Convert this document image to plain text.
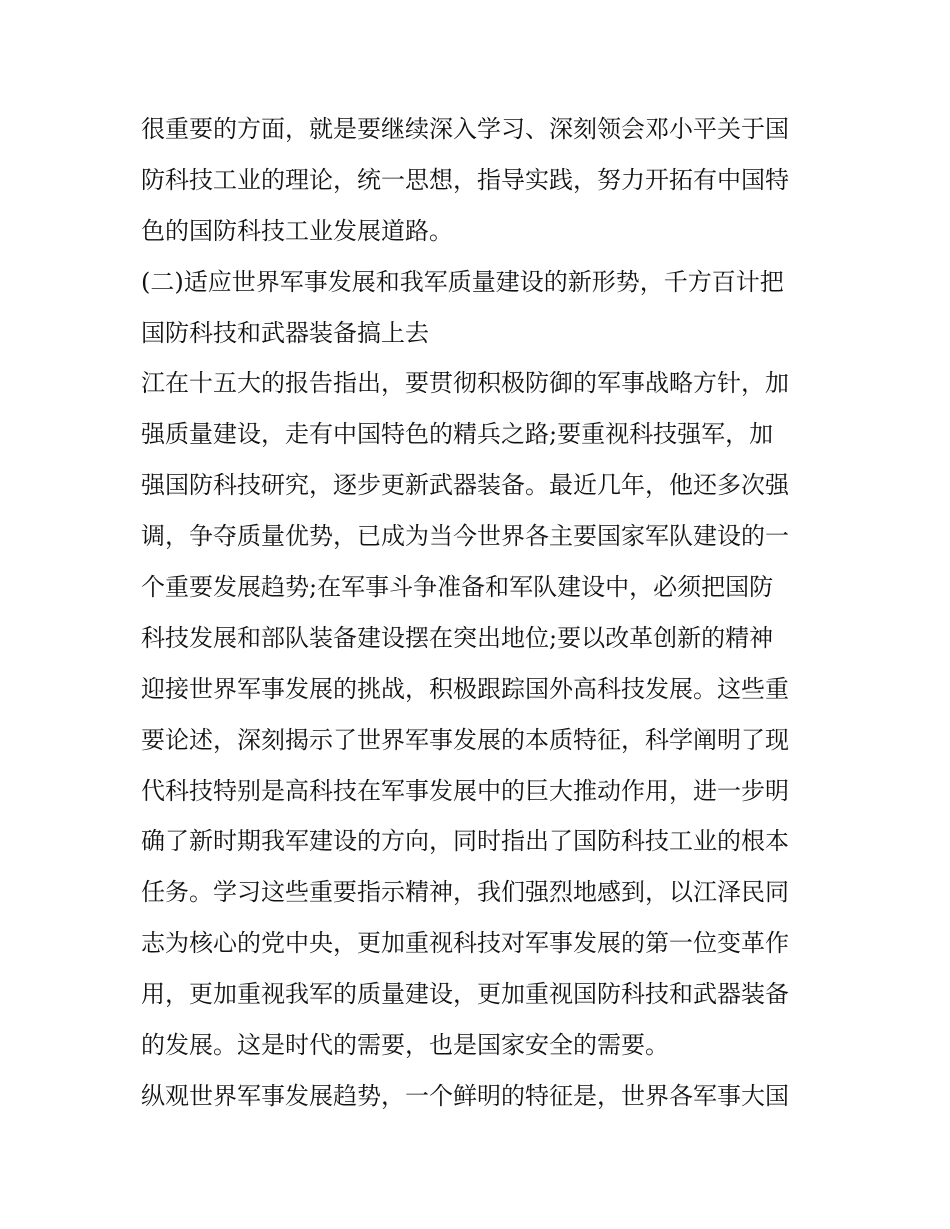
很重要的方面，就是要继续深入学习、深刻领会邓小平关于国
防科技工业的理论，统一思想，指导实践，努力开拓有中国特
色的国防科技工业发展道路。
(二)适应世界军事发展和我军质量建设的新形势，千方百计把
国防科技和武器装备搞上去
江在十五大的报告指出，要贯彻积极防御的军事战略方针，加
强质量建设，走有中国特色的精兵之路;要重视科技强军，加
强国防科技研究，逐步更新武器装备。最近几年，他还多次强
调，争夺质量优势，已成为当今世界各主要国家军队建设的一
个重要发展趋势;在军事斗争准备和军队建设中，必须把国防
科技发展和部队装备建设摆在突出地位;要以改革创新的精神
迎接世界军事发展的挑战，积极跟踪国外高科技发展。这些重
要论述，深刻揭示了世界军事发展的本质特征，科学阐明了现
代科技特别是高科技在军事发展中的巨大推动作用，进一步明
确了新时期我军建设的方向，同时指出了国防科技工业的根本
任务。学习这些重要指示精神，我们强烈地感到，以江泽民同
志为核心的党中央，更加重视科技对军事发展的第一位变革作
用，更加重视我军的质量建设，更加重视国防科技和武器装备
的发展。这是时代的需要，也是国家安全的需要。
纵观世界军事发展趋势，一个鲜明的特征是，世界各军事大国
